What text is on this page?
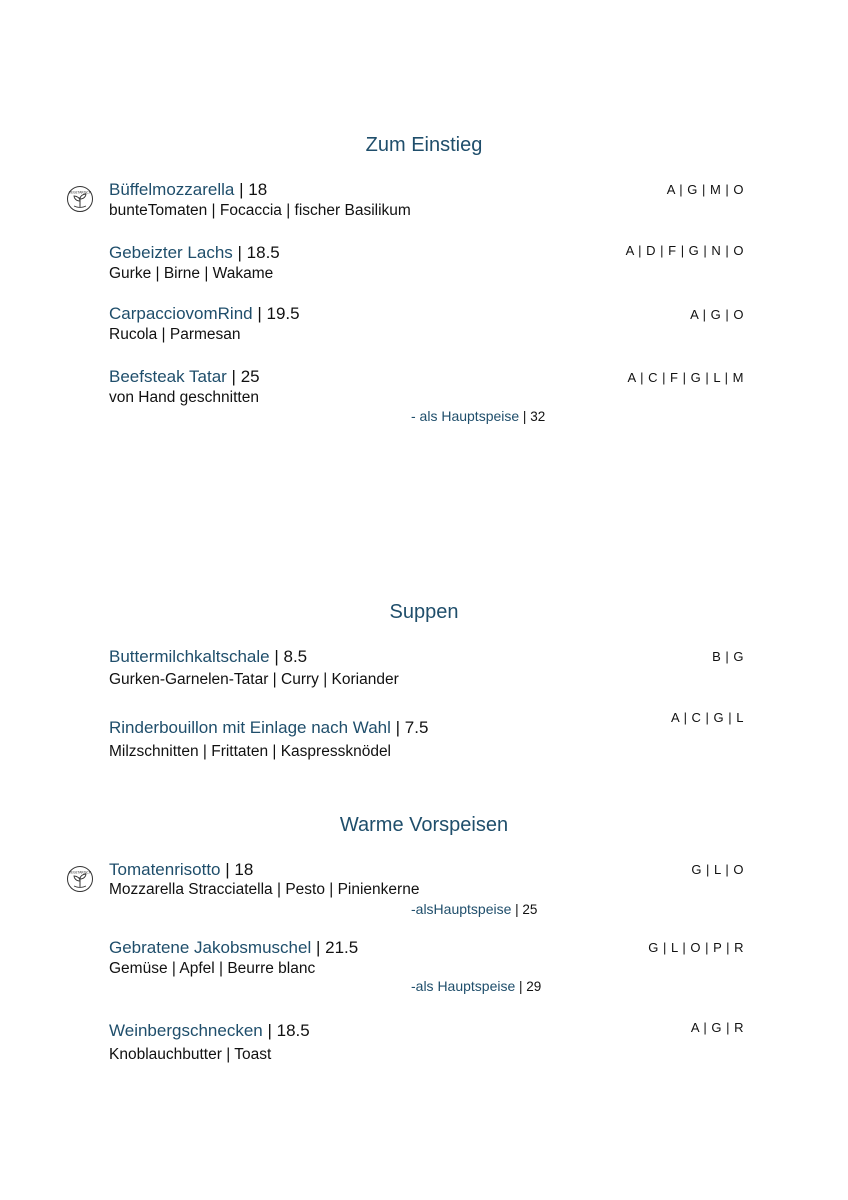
Zum Einstieg
VEGETARISCH Büffelmozzarella | 18
bunteTomaten | Focaccia | fischer Basilikum
A | G | M | O
Gebeizter Lachs | 18.5
Gurke | Birne | Wakame
A | D | F | G | N | O
CarpacciovomRind | 19.5
Rucola | Parmesan
A | G | O
Beefsteak Tatar | 25
von Hand geschnitten
A | C | F | G | L | M
- als Hauptspeise | 32
Suppen
Buttermilchkaltschale | 8.5
Gurken-Garnelen-Tatar | Curry | Koriander
B | G
Rinderbouillon mit Einlage nach Wahl | 7.5
Milzschnitten | Frittaten | Kaspressknödel
A | C | G | L
Warme Vorspeisen
VEGETARISCH Tomatenrisotto | 18
Mozzarella Stracciatella | Pesto | Pinienkerne
G | L | O
-alsHauptspeise | 25
Gebratene Jakobsmuschel | 21.5
Gemüse | Apfel | Beurre blanc
G | L | O | P | R
-als Hauptspeise | 29
Weinbergschnecken | 18.5
Knoblauchbutter | Toast
A | G | R
